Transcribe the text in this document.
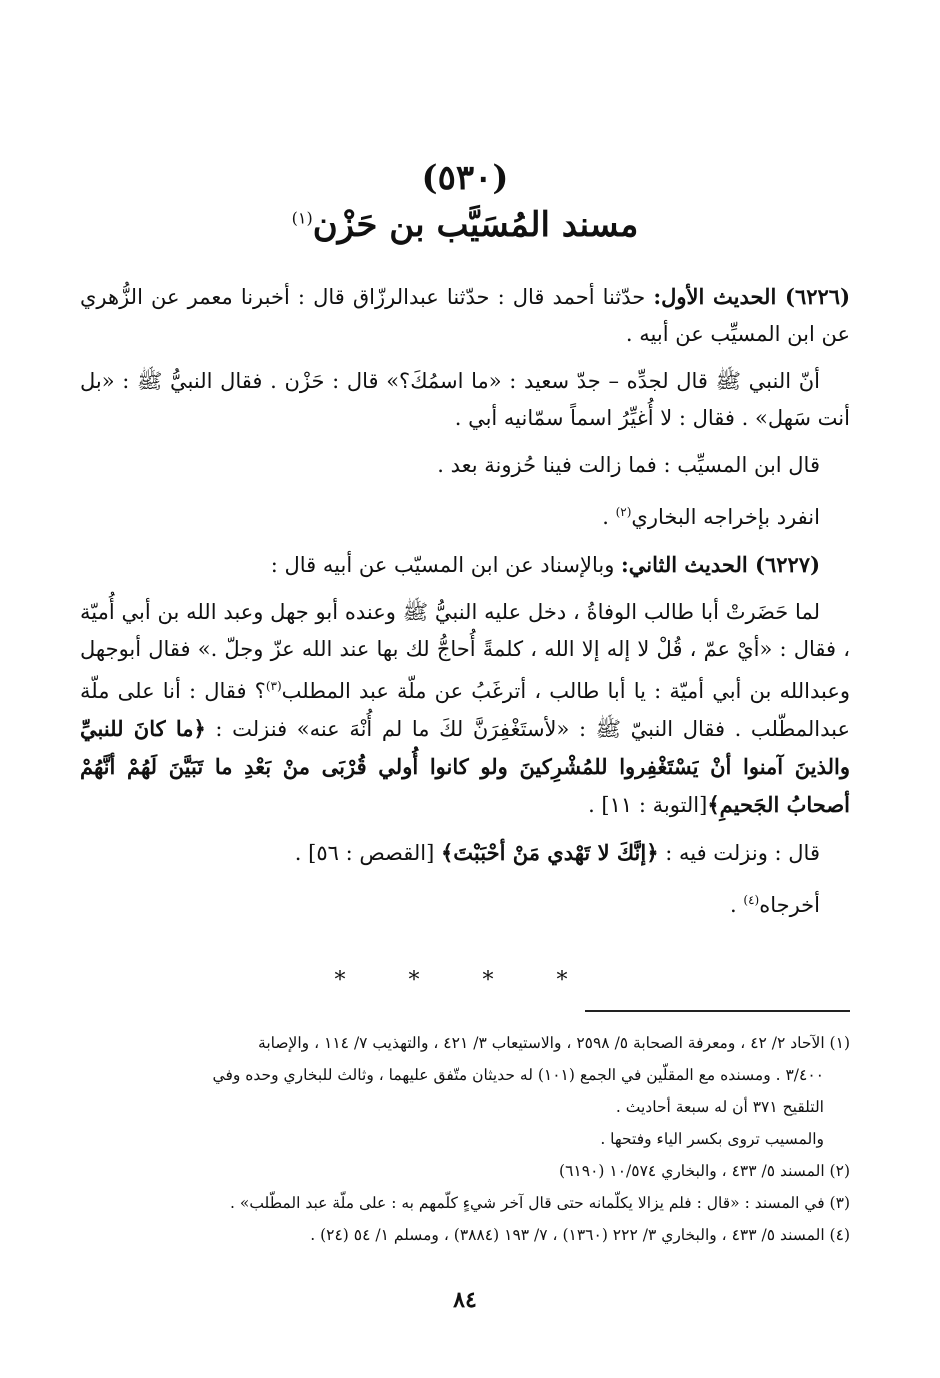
(٥٣٠)
مسند المُسَيَّب بن حَزْن$^{(١)}$

(٦٢٢٦) الحديث الأول: حدّثنا أحمد قال : حدّثنا عبدالرزّاق قال : أخبرنا معمر عن الزُّهري عن ابن المسيِّب عن أبيه .

أنّ النبي ﷺ قال لجدِّه – جدّ سعيد : «ما اسمُكَ؟» قال : حَزْن . فقال النبيُّ ﷺ : «بل أنت سَهل» . فقال : لا أُغيِّرُ اسماً سمّانيه أبي .

قال ابن المسيِّب : فما زالت فينا حُزونة بعد .

انفرد بإخراجه البخاري$^{(٢)}$ .

(٦٢٢٧) الحديث الثاني: وبالإسناد عن ابن المسيّب عن أبيه قال :

لما حَضَرتْ أبا طالب الوفاةُ ، دخل عليه النبيُّ ﷺ وعنده أبو جهل وعبد الله بن أبي أُميّة ، فقال : «أيْ عمّ ، قُلْ لا إله إلا الله ، كلمةً أُحاجُّ لك بها عند الله عزّ وجلّ .» فقال أبوجهل وعبدالله بن أبي أميّة : يا أبا طالب ، أترغَبُ عن ملّة عبد المطلب$^{(٣)}$؟ فقال : أنا على ملّة عبدالمطّلب . فقال النبيّ ﷺ : «لأستَغْفِرَنَّ لكَ ما لم أُنْهَ عنه» فنزلت : ﴿ما كانَ للنبيِّ والذينَ آمنوا أنْ يَسْتَغْفِروا للمُشْرِكينَ ولو كانوا أُولي قُرْبَى منْ بَعْدِ ما تَبَيَّنَ لَهُمْ أنَّهُمْ أصحابُ الجَحيمِ﴾[التوبة : ١١] .

قال : ونزلت فيه : ﴿إنَّكَ لا تَهْدي مَنْ أحْبَبْتَ﴾ [القصص : ٥٦] .

أخرجاه$^{(٤)}$ .

* * * *

(١) الآحاد ٢/ ٤٢ ، ومعرفة الصحابة ٥/ ٢٥٩٨ ، والاستيعاب ٣/ ٤٢١ ، والتهذيب ٧/ ١١٤ ، والإصابة

٣/٤٠٠ . ومسنده مع المقلّين في الجمع (١٠١) له حديثان متّفق عليهما ، وثالث للبخاري وحده وفي

التلقيح ٣٧١ أن له سبعة أحاديث .

والمسيب تروى بكسر الياء وفتحها .

(٢) المسند ٥/ ٤٣٣ ، والبخاري ١٠/٥٧٤ (٦١٩٠)

(٣) في المسند : «قال : فلم يزالا يكلّمانه حتى قال آخر شيءٍ كلّمهم به : على ملّة عبد المطّلب» .

(٤) المسند ٥/ ٤٣٣ ، والبخاري ٣/ ٢٢٢ (١٣٦٠) ، ٧/ ١٩٣ (٣٨٨٤) ، ومسلم ١/ ٥٤ (٢٤) .

٨٤
